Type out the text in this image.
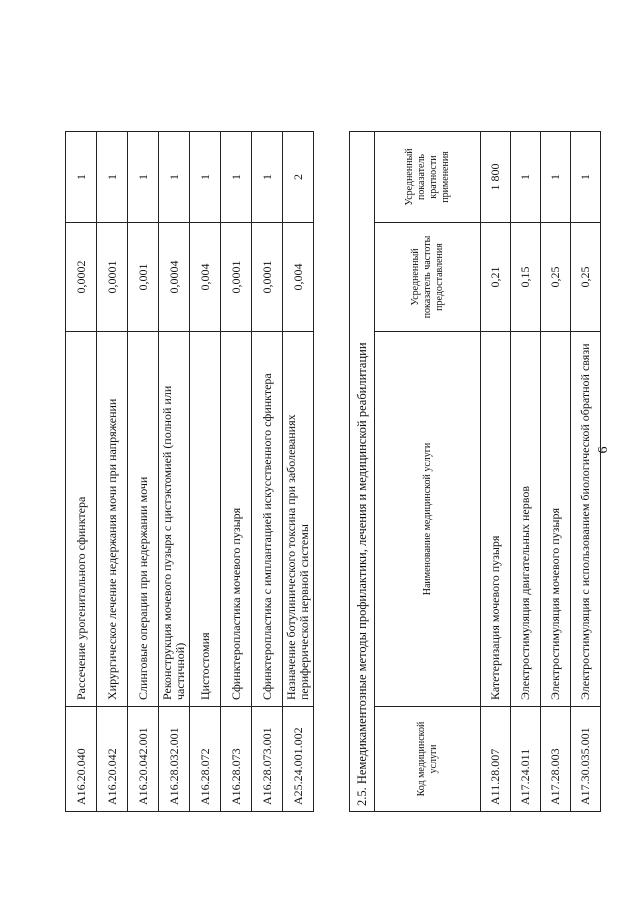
6
A16.20.040	Рассечение урогенитального сфинктера	0,0002	1
A16.20.042	Хирургическое лечение недержания мочи при напряжении	0,0001	1
A16.20.042.001	Слинговые операции при недержании мочи	0,001	1
A16.28.032.001	Реконструкция мочевого пузыря с цистэктомией (полной или частичной)	0,0004	1
A16.28.072	Цистостомия	0,004	1
A16.28.073	Сфинктеропластика мочевого пузыря	0,0001	1
A16.28.073.001	Сфинктеропластика с имплантацией искусственного сфинктера	0,0001	1
A25.24.001.002	Назначение ботулинического токсина при заболеваниях периферической нервной системы	0,004	2
2.5. Немедикаментозные методы профилактики, лечения и медицинской реабилитации			
Код медицинской услуги	Наименование медицинской услуги	Усредненный показатель частоты предоставления	Усредненный показатель кратности применения
A11.28.007	Катетеризация мочевого пузыря	0,21	1 800
A17.24.011	Электростимуляция двигательных нервов	0,15	1
A17.28.003	Электростимуляция мочевого пузыря	0,25	1
A17.30.035.001	Электростимуляция с использованием биологической обратной связи	0,25	1
